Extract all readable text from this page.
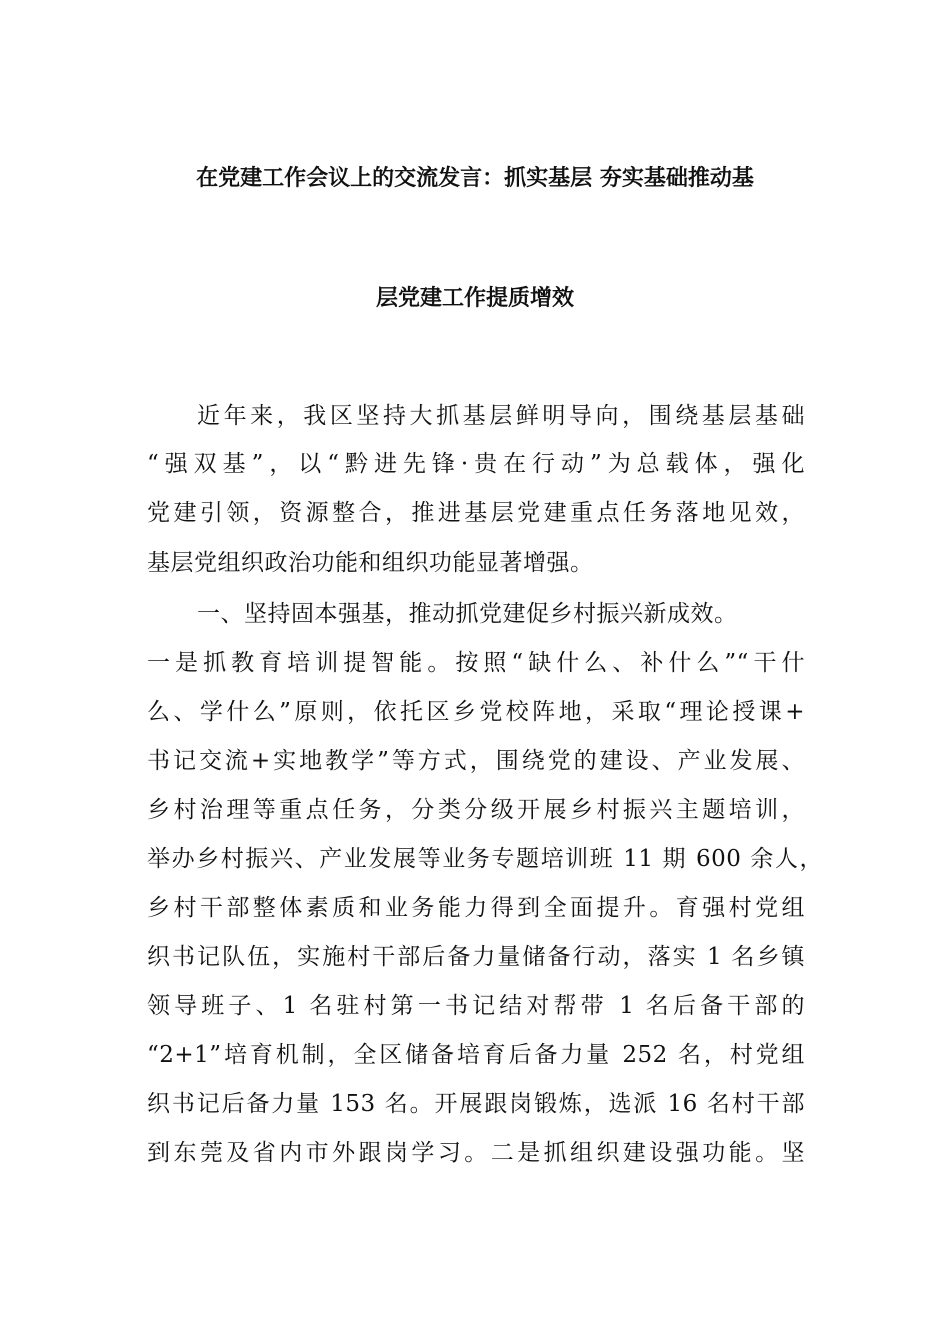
在党建工作会议上的交流发言：抓实基层 夯实基础推动基
层党建工作提质增效
近年来，我区坚持大抓基层鲜明导向，围绕基层基础
“强双基”，以“黔进先锋·贵在行动”为总载体，强化
党建引领，资源整合，推进基层党建重点任务落地见效，
基层党组织政治功能和组织功能显著增强。
一、坚持固本强基，推动抓党建促乡村振兴新成效。
一是抓教育培训提智能。按照“缺什么、补什么”“干什
么、学什么”原则，依托区乡党校阵地，采取“理论授课+
书记交流+实地教学”等方式，围绕党的建设、产业发展、
乡村治理等重点任务，分类分级开展乡村振兴主题培训，
举办乡村振兴、产业发展等业务专题培训班 11 期 600 余人，
乡村干部整体素质和业务能力得到全面提升。育强村党组
织书记队伍，实施村干部后备力量储备行动，落实 1 名乡镇
领导班子、1 名驻村第一书记结对帮带 1 名后备干部的
“2+1”培育机制，全区储备培育后备力量 252 名，村党组
织书记后备力量 153 名。开展跟岗锻炼，选派 16 名村干部
到东莞及省内市外跟岗学习。二是抓组织建设强功能。坚
